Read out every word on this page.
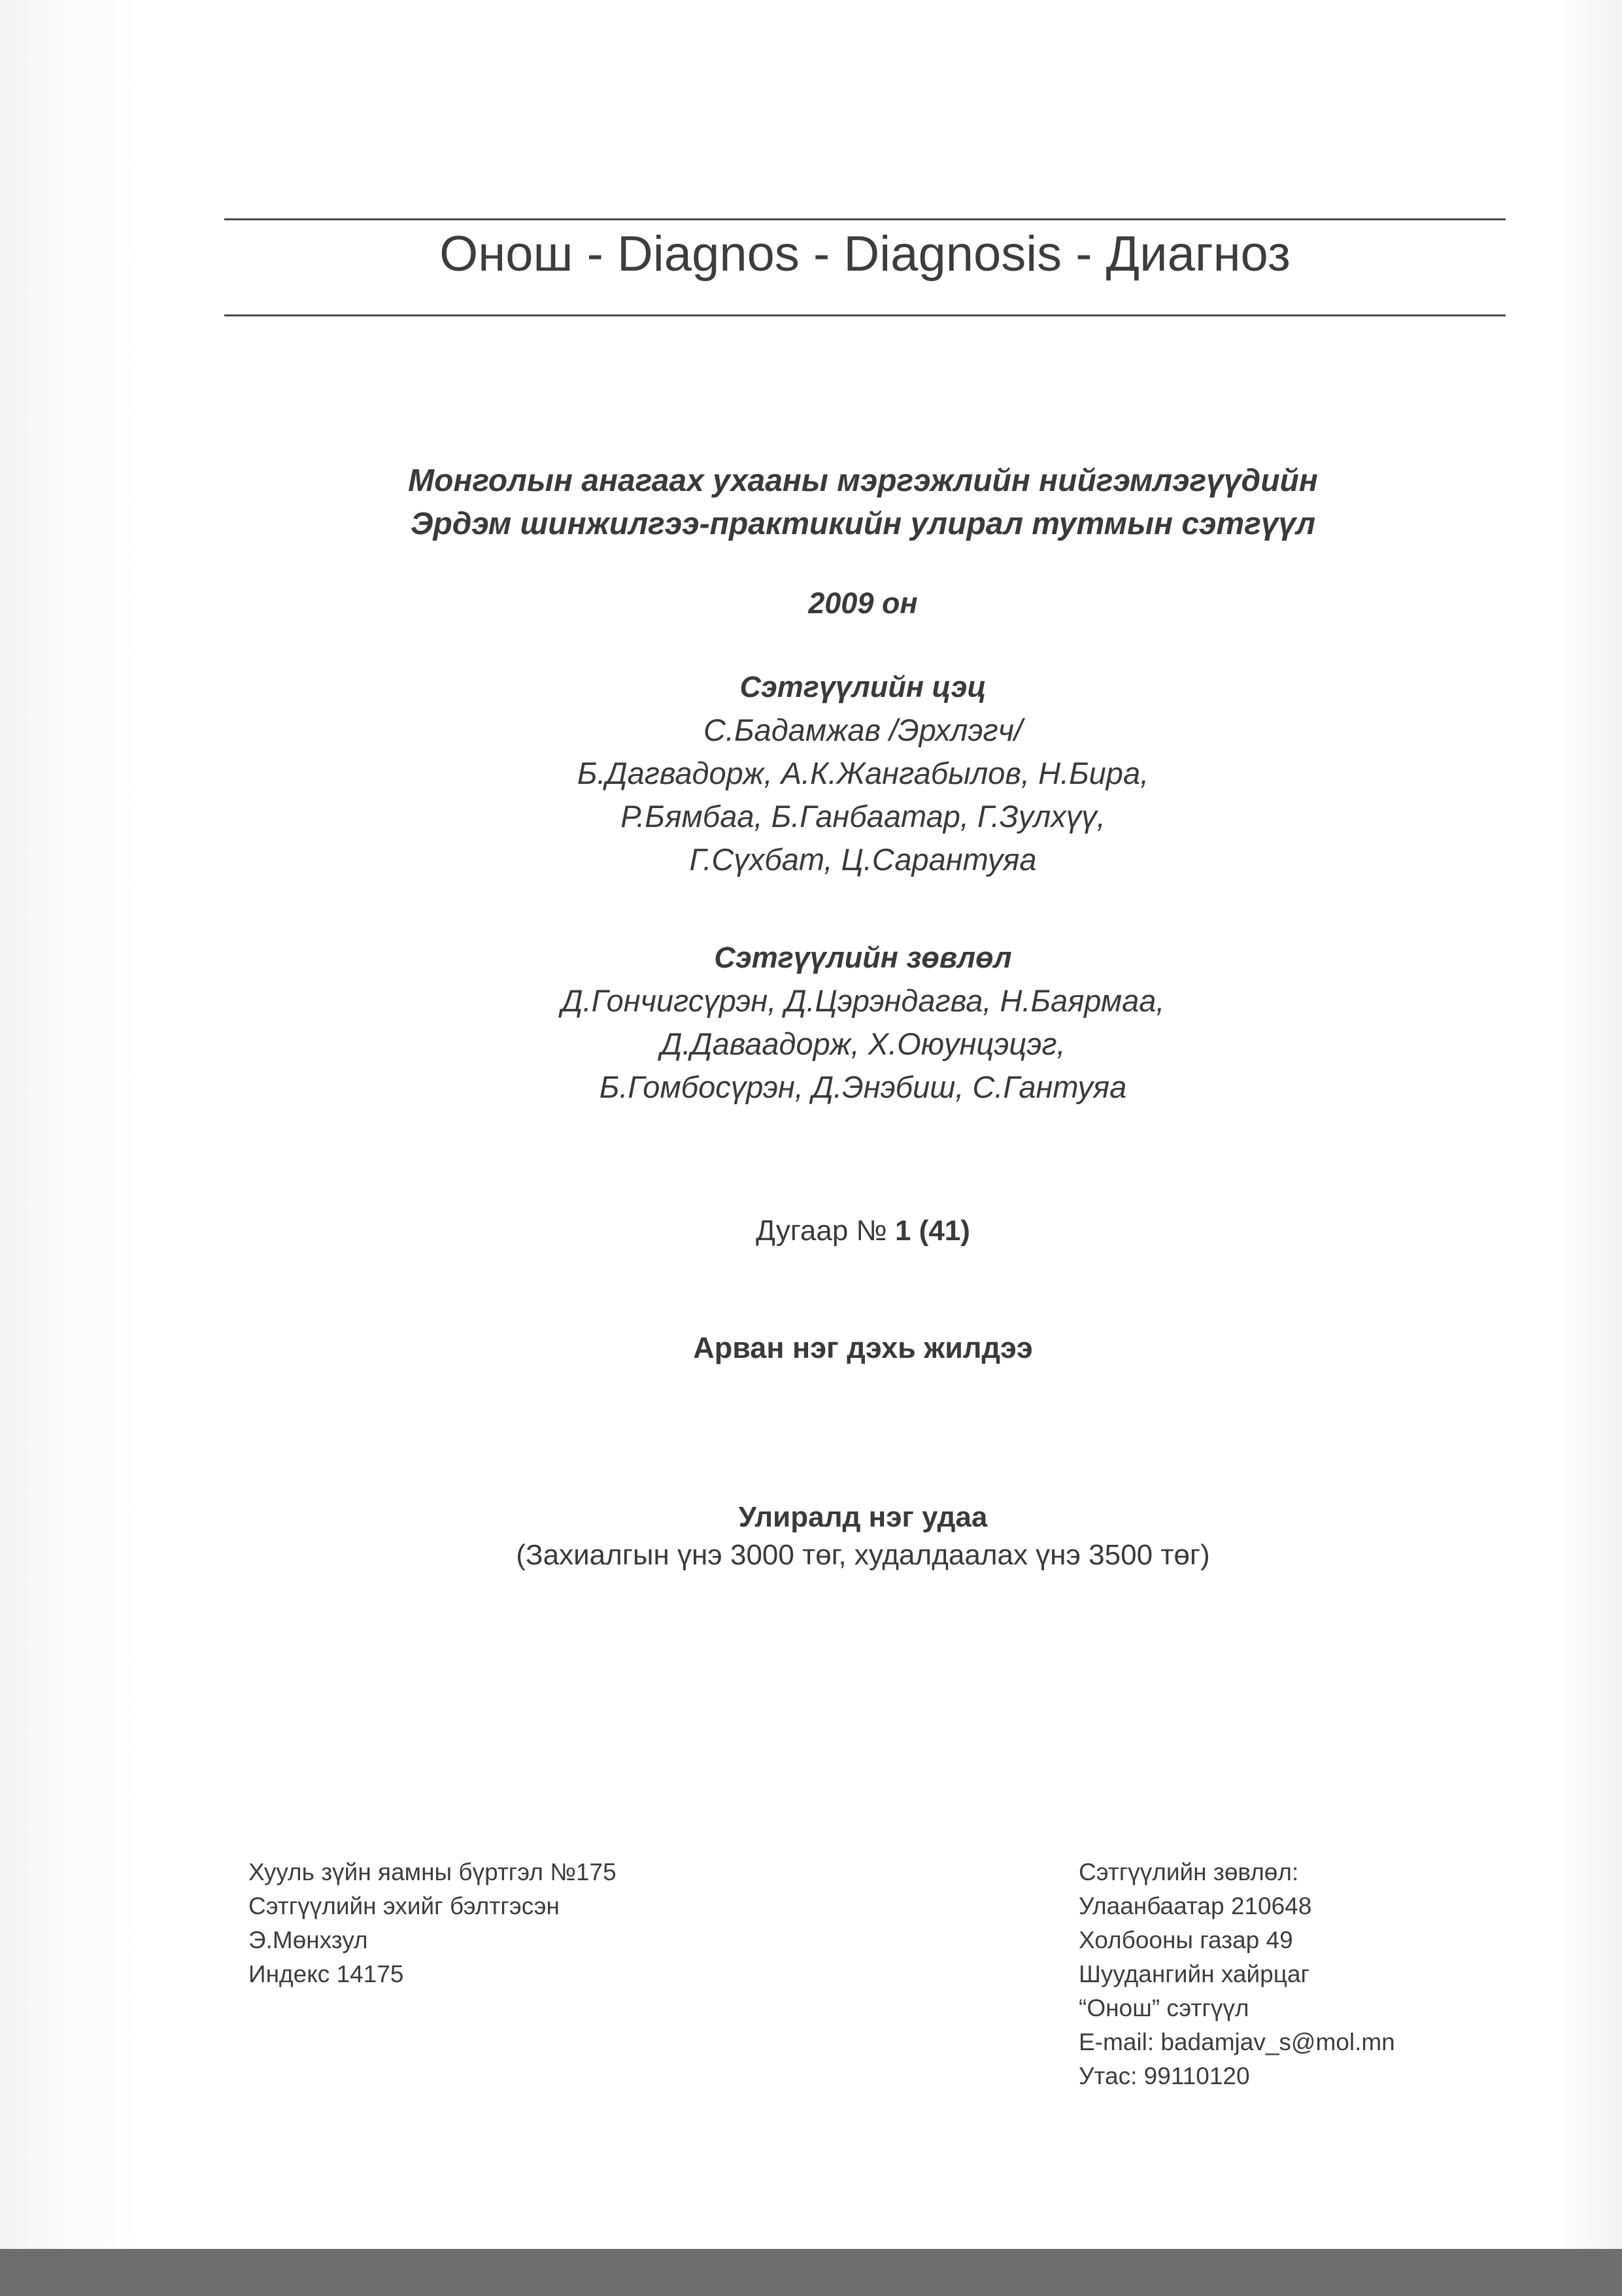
Онош - Diagnos - Diagnosis - Диагноз
Монголын анагаах ухааны мэргэжлийн нийгэмлэгүүдийн
Эрдэм шинжилгээ-практикийн улирал тутмын сэтгүүл
2009 он
Сэтгүүлийн цэц
С.Бадамжав /Эрхлэгч/
Б.Дагвадорж, А.К.Жангабылов, Н.Бира,
Р.Бямбаа, Б.Ганбаатар, Г.Зулхүү,
Г.Сүхбат, Ц.Сарантуяа
Сэтгүүлийн зөвлөл
Д.Гончигсүрэн, Д.Цэрэндагва, Н.Баярмаа,
Д.Даваадорж, Х.Оюунцэцэг,
Б.Гомбосүрэн, Д.Энэбиш, С.Гантуяа
Дугаар № 1 (41)
Арван нэг дэхь жилдээ
Улиралд нэг удаа
(Захиалгын үнэ 3000 төг, худалдаалах үнэ 3500 төг)
Хууль зүйн яамны бүртгэл №175
Сэтгүүлийн эхийг бэлтгэсэн
Э.Мөнхзул
Индекс 14175
Сэтгүүлийн зөвлөл:
Улаанбаатар 210648
Холбооны газар 49
Шуудангийн хайрцаг
“Онош” сэтгүүл
E-mail: badamjav_s@mol.mn
Утас: 99110120
